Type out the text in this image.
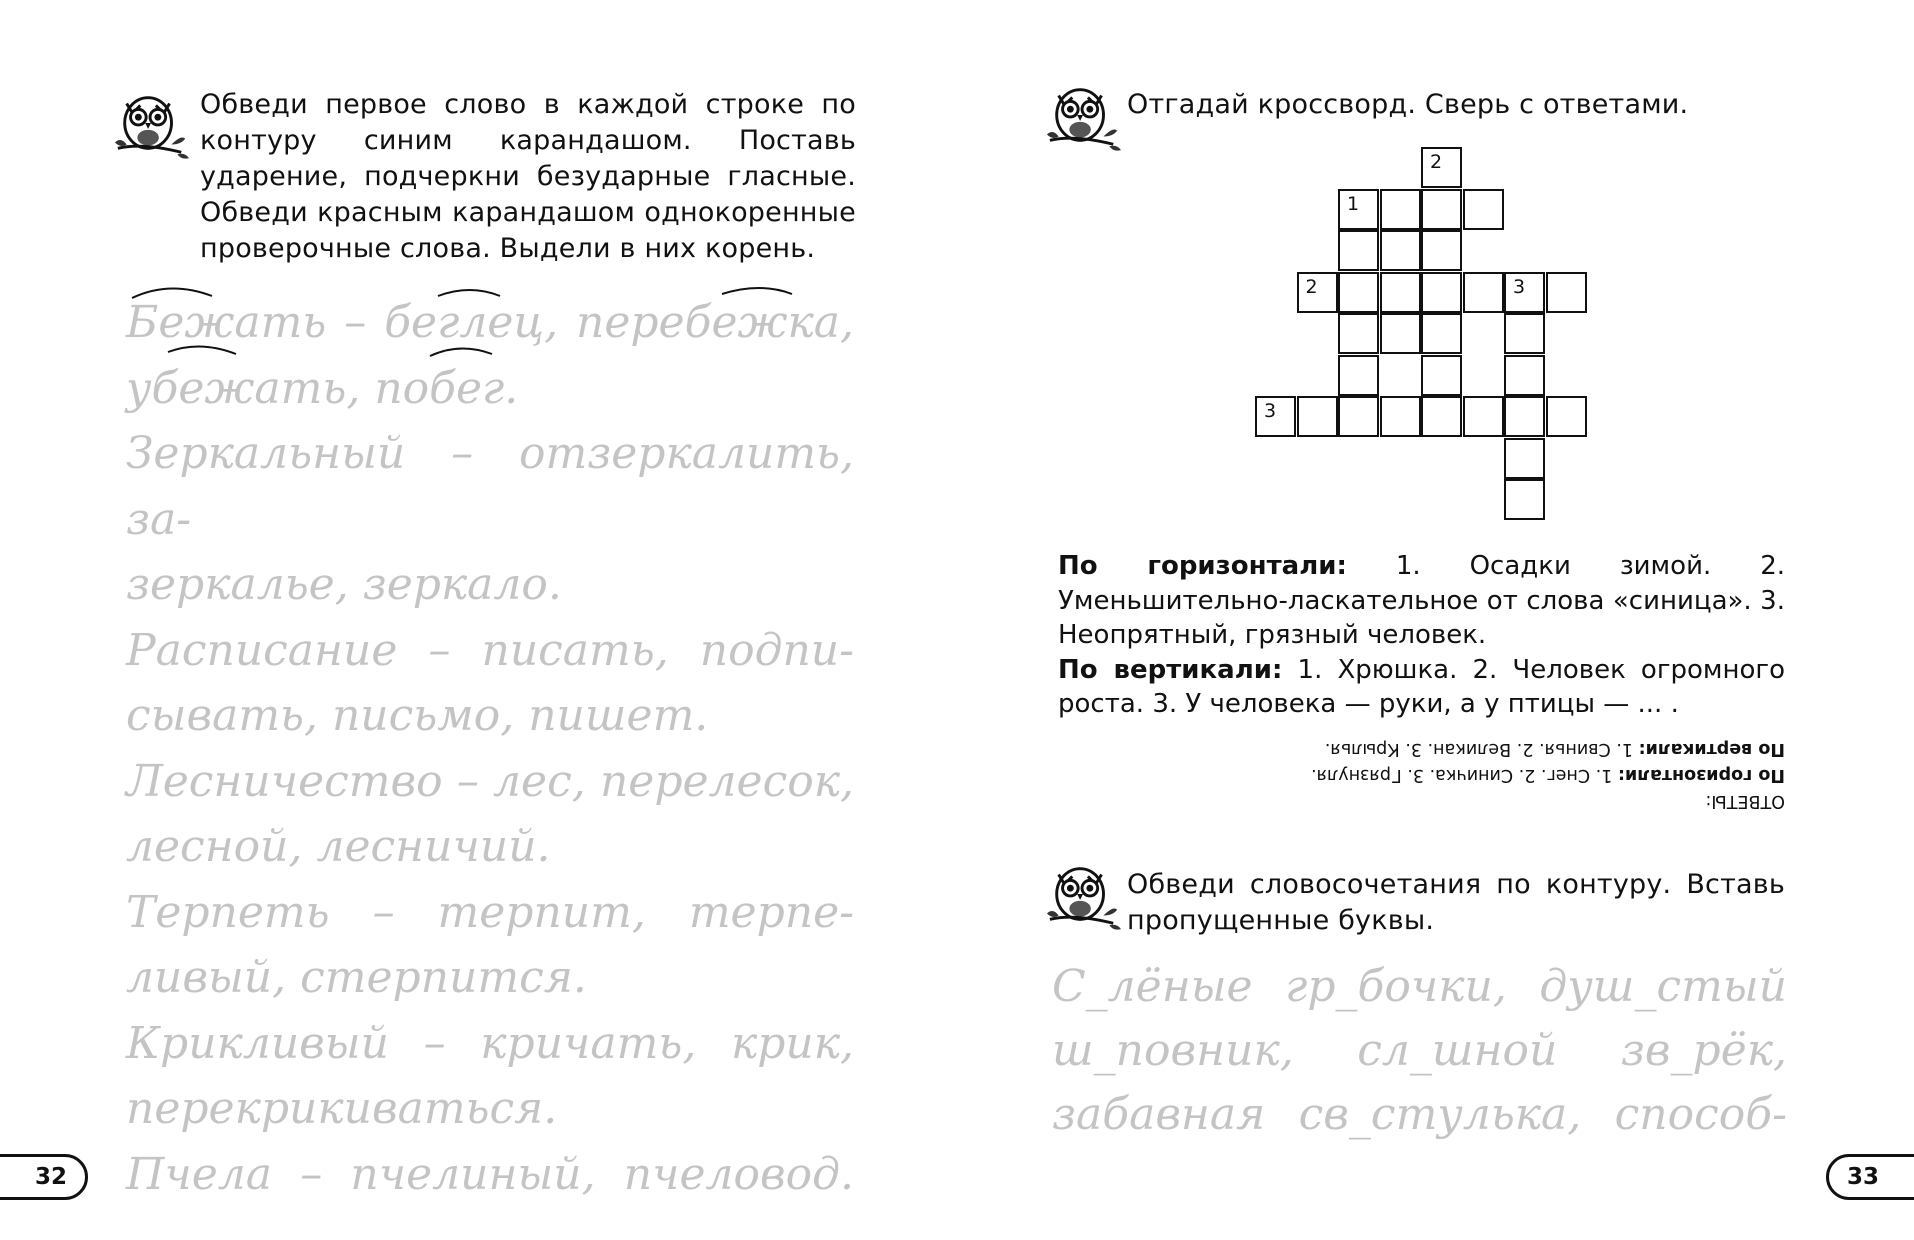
Обведи первое слово в каждой строке по контуру синим карандашом. Поставь ударение, подчеркни безударные гласные. Обведи красным карандашом однокоренные проверочные слова. Выдели в них корень.

Бежать – беглец, перебежка,

убежать, побег.

Зеркальный – отзеркалить, за-

зеркалье, зеркало.

Расписание – писать, подпи-

сывать, письмо, пишет.

Лесничество – лес, перелесок,

лесной, лесничий.

Терпеть – терпит, терпе-

ливый, стерпится.

Крикливый – кричать, крик,

перекрикиваться.

Пчела – пчелиный, пчеловод.

32
Отгадай кроссворд. Сверь с ответами.
2
1
2	3
3
По горизонтали: 1. Осадки зимой. 2. Уменьшительно-ласкательное от слова «синица». 3. Неопрятный, грязный человек.
По вертикали: 1. Хрюшка. 2. Человек огромного роста. 3. У человека — руки, а у птицы — ... .
ОТВЕТЫ:
По горизонтали: 1. Снег. 2. Синичка. 3. Грязнуля.
По вертикали: 1. Свинья. 2. Великан. 3. Крылья.
Обведи словосочетания по контуру. Вставь пропущенные буквы.

С_лёные гр_бочки, душ_стый

ш_повник, сл_шной зв_рёк,

забавная св_стулька, способ-

33
